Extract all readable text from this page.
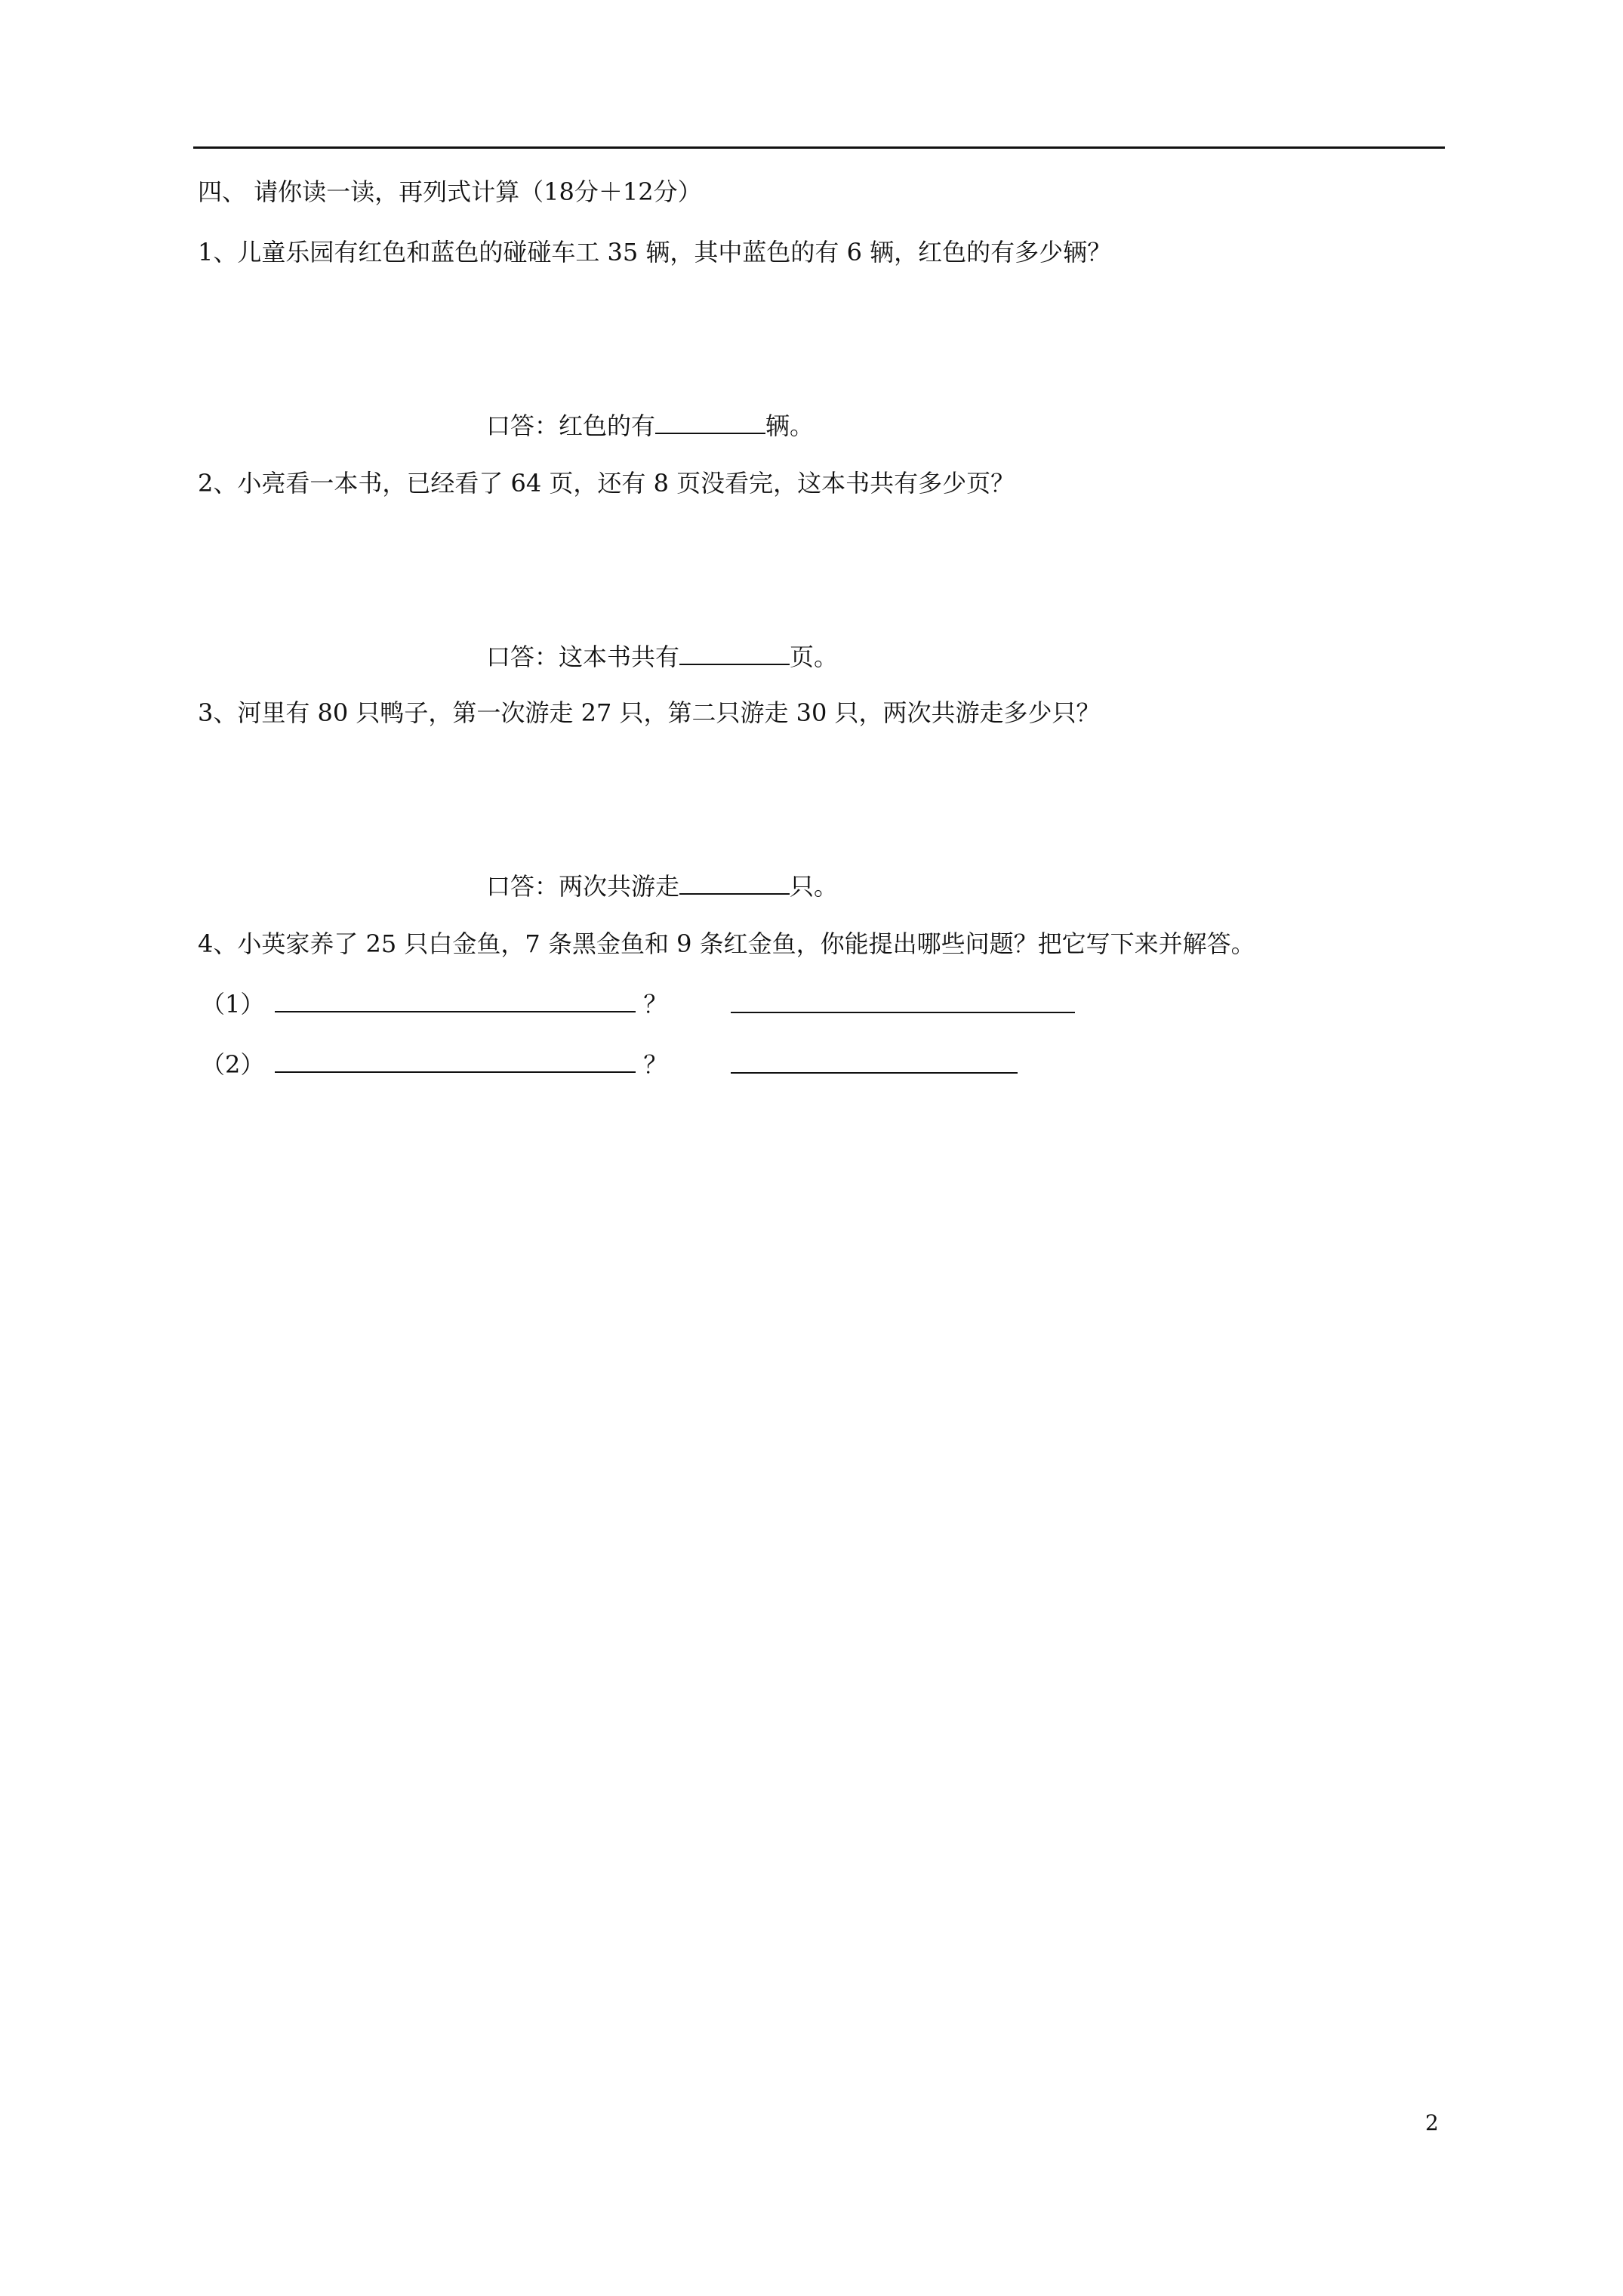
四、 请你读一读，再列式计算（18分＋12分）
1、儿童乐园有红色和蓝色的碰碰车工 35 辆，其中蓝色的有 6 辆，红色的有多少辆？
口答：红色的有	辆。
2、小亮看一本书，已经看了 64 页，还有 8 页没看完，这本书共有多少页？
口答：这本书共有	页。
3、河里有 80 只鸭子，第一次游走 27 只，第二只游走 30 只，两次共游走多少只？
口答：两次共游走	只。
4、小英家养了 25 只白金鱼，7 条黑金鱼和 9 条红金鱼，你能提出哪些问题？把它写下来并解答。
（1）	？
（2）	？
2
